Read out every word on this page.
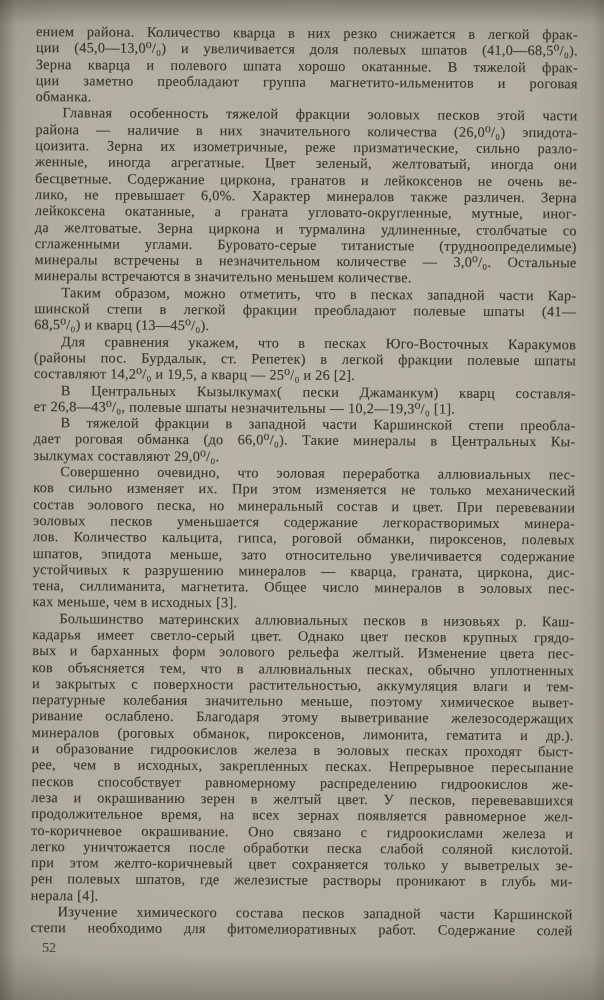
ением района. Количество кварца в них резко снижается в легкой фрак-
ции (45,0—13,0⁰/₀) и увеличивается доля полевых шпатов (41,0—68,5⁰/₀).
Зерна кварца и полевого шпата хорошо окатанные. В тяжелой фрак-
ции заметно преобладают группа магнетито-ильменитов и роговая
обманка.
Главная особенность тяжелой фракции эоловых песков этой части
района — наличие в них значительного количества (26,0⁰/₀) эпидота-
цоизита. Зерна их изометричные, реже призматические, сильно разло-
женные, иногда агрегатные. Цвет зеленый, желтоватый, иногда они
бесцветные. Содержание циркона, гранатов и лейкоксенов не очень ве-
лико, не превышает 6,0%. Характер минералов также различен. Зерна
лейкоксена окатанные, а граната угловато-округленные, мутные, иног-
да желтоватые. Зерна циркона и турмалина удлиненные, столбчатые со
сглаженными углами. Буровато-серые титанистые (трудноопределимые)
минералы встречены в незначительном количестве — 3,0⁰/₀. Остальные
минералы встречаются в значительно меньшем количестве.
Таким образом, можно отметить, что в песках западной части Кар-
шинской степи в легкой фракции преобладают полевые шпаты (41—
68,5⁰/₀) и кварц (13—45⁰/₀).
Для сравнения укажем, что в песках Юго-Восточных Каракумов
(районы пос. Бурдалык, ст. Репетек) в легкой фракции полевые шпаты
составляют 14,2⁰/₀ и 19,5, а кварц — 25⁰/₀ и 26 [2].
В Центральных Кызылкумах( пески Джаманкум) кварц составля-
ет 26,8—43⁰/₀, полевые шпаты незначительны — 10,2—19,3⁰/₀ [1].
В тяжелой фракции в западной части Каршинской степи преобла-
дает роговая обманка (до 66,0⁰/₀). Такие минералы в Центральных Кы-
зылкумах составляют 29,0⁰/₀.
Совершенно очевидно, что эоловая переработка аллювиальных пес-
ков сильно изменяет их. При этом изменяется не только механический
состав эолового песка, но минеральный состав и цвет. При перевевании
эоловых песков уменьшается содержание легкорастворимых минера-
лов. Количество кальцита, гипса, роговой обманки, пироксенов, полевых
шпатов, эпидота меньше, зато относительно увеличивается содержание
устойчивых к разрушению минералов — кварца, граната, циркона, дис-
тена, силлиманита, магнетита. Общее число минералов в эоловых пес-
ках меньше, чем в исходных [3].
Большинство материнских аллювиальных песков в низовьях р. Каш-
кадарья имеет светло-серый цвет. Однако цвет песков крупных грядо-
вых и барханных форм эолового рельефа желтый. Изменение цвета пес-
ков объясняется тем, что в аллювиальных песках, обычно уплотненных
и закрытых с поверхности растительностью, аккумуляция влаги и тем-
пературные колебания значительно меньше, поэтому химическое вывет-
ривание ослаблено. Благодаря этому выветривание железосодержащих
минералов (роговых обманок, пироксенов, лимонита, гематита и др.).
и образование гидроокислов железа в эоловых песках проходят быст-
рее, чем в исходных, закрепленных песках. Непрерывное пересыпание
песков способствует равномерному распределению гидроокислов же-
леза и окрашиванию зерен в желтый цвет. У песков, перевевавшихся
продолжительное время, на всех зернах появляется равномерное жел-
то-коричневое окрашивание. Оно связано с гидроокислами железа и
легко уничтожается после обработки песка слабой соляной кислотой.
при этом желто-коричневый цвет сохраняется только у выветрелых зе-
рен полевых шпатов, где железистые растворы проникают в глубь ми-
нерала [4].
Изучение химического состава песков западной части Каршинской
степи необходимо для фитомелиоративных работ. Содержание солей
52
